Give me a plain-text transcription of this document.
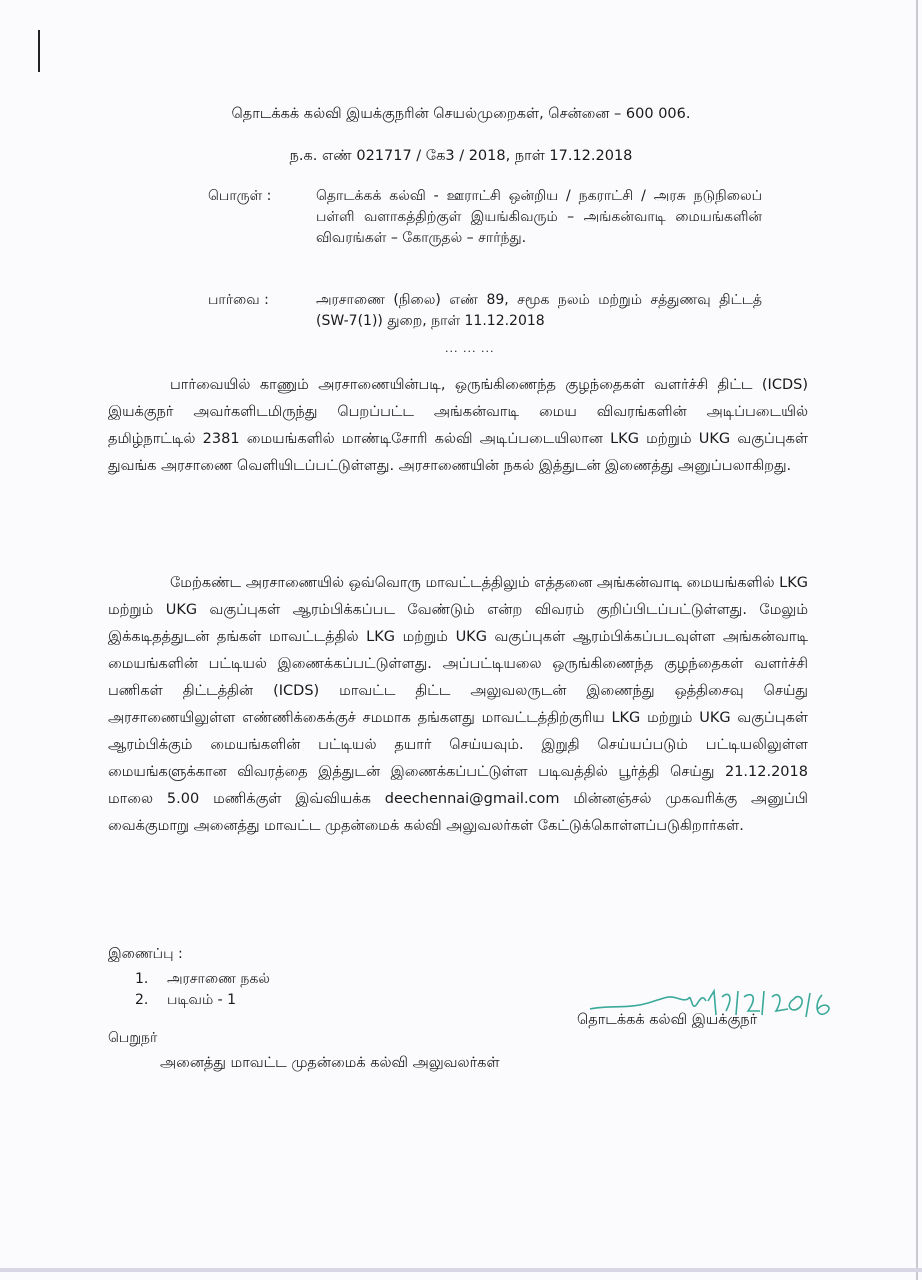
தொடக்கக் கல்வி இயக்குநரின் செயல்முறைகள், சென்னை – 600 006.
ந.க. எண் 021717 / கே3 / 2018, நாள் 17.12.2018
பொருள் :	தொடக்கக் கல்வி - ஊராட்சி ஒன்றிய / நகராட்சி / அரசு நடுநிலைப் பள்ளி வளாகத்திற்குள் இயங்கிவரும் – அங்கன்வாடி மையங்களின் விவரங்கள் – கோருதல் – சார்ந்து.
பார்வை :	அரசாணை (நிலை) எண் 89, சமூக நலம் மற்றும் சத்துணவு திட்டத் (SW-7(1)) துறை, நாள் 11.12.2018
... ... ...
பார்வையில் காணும் அரசாணையின்படி, ஒருங்கிணைந்த குழந்தைகள் வளர்ச்சி திட்ட (ICDS) இயக்குநர் அவர்களிடமிருந்து பெறப்பட்ட அங்கன்வாடி மைய விவரங்களின் அடிப்படையில் தமிழ்நாட்டில் 2381 மையங்களில் மாண்டிசோரி கல்வி அடிப்படையிலான LKG மற்றும் UKG வகுப்புகள் துவங்க அரசாணை வெளியிடப்பட்டுள்ளது. அரசாணையின் நகல் இத்துடன் இணைத்து அனுப்பலாகிறது.
மேற்கண்ட அரசாணையில் ஒவ்வொரு மாவட்டத்திலும் எத்தனை அங்கன்வாடி மையங்களில் LKG மற்றும் UKG வகுப்புகள் ஆரம்பிக்கப்பட வேண்டும் என்ற விவரம் குறிப்பிடப்பட்டுள்ளது. மேலும் இக்கடிதத்துடன் தங்கள் மாவட்டத்தில் LKG மற்றும் UKG வகுப்புகள் ஆரம்பிக்கப்படவுள்ள அங்கன்வாடி மையங்களின் பட்டியல் இணைக்கப்பட்டுள்ளது. அப்பட்டியலை ஒருங்கிணைந்த குழந்தைகள் வளர்ச்சி பணிகள் திட்டத்தின் (ICDS) மாவட்ட திட்ட அலுவலருடன் இணைந்து ஒத்திசைவு செய்து அரசாணையிலுள்ள எண்ணிக்கைக்குச் சமமாக தங்களது மாவட்டத்திற்குரிய LKG மற்றும் UKG வகுப்புகள் ஆரம்பிக்கும் மையங்களின் பட்டியல் தயார் செய்யவும். இறுதி செய்யப்படும் பட்டியலிலுள்ள மையங்களுக்கான விவரத்தை இத்துடன் இணைக்கப்பட்டுள்ள படிவத்தில் பூர்த்தி செய்து 21.12.2018 மாலை 5.00 மணிக்குள் இவ்வியக்க deechennai@gmail.com மின்னஞ்சல் முகவரிக்கு அனுப்பி வைக்குமாறு அனைத்து மாவட்ட முதன்மைக் கல்வி அலுவலர்கள் கேட்டுக்கொள்ளப்படுகிறார்கள்.
இணைப்பு :
1. அரசாணை நகல்
2. படிவம் - 1
தொடக்கக் கல்வி இயக்குநர்
பெறுநர்
அனைத்து மாவட்ட முதன்மைக் கல்வி அலுவலர்கள்
